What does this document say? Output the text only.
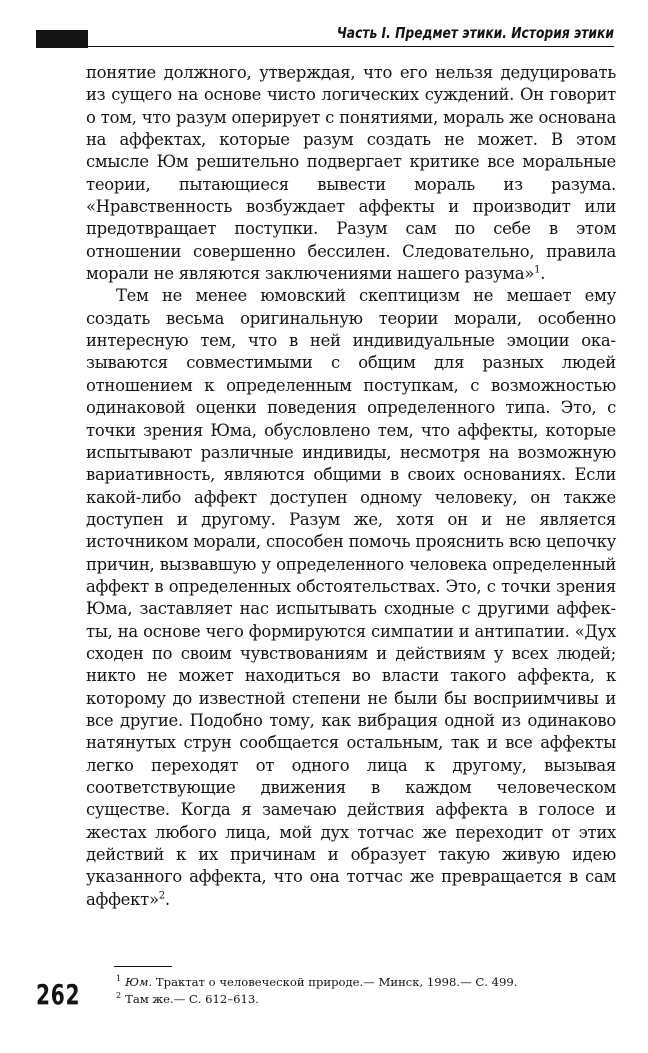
Часть I. Предмет этики. История этики

понятие должного, утверждая, что его нельзя дедуцировать из сущего на основе чисто логических суждений. Он говорит о том, что разум оперирует с понятиями, мораль же основана на аффектах, которые разум создать не может. В этом смысле Юм решительно подвергает критике все моральные теории, пытающиеся вывести мораль из разума. «Нравственность возбуждает аффекты и производит или предотвращает поступки. Разум сам по себе в этом отношении совершенно бессилен. Следовательно, правила морали не являются заключениями нашего разума»$^1$.

Тем не менее юмовский скептицизм не мешает ему создать весьма оригинальную теории морали, особенно интересную тем, что в ней индивидуальные эмоции оказываются совместимыми с общим для разных людей отношением к определенным поступкам, с возможностью одинаковой оценки поведения определенного типа. Это, с точки зрения Юма, обусловлено тем, что аффекты, которые испытывают различные индивиды, несмотря на возможную вариативность, являются общими в своих основаниях. Если какой-либо аффект доступен одному человеку, он также доступен и другому. Разум же, хотя он и не является источником морали, способен помочь прояснить всю цепочку причин, вызвавшую у определенного человека определенный аффект в определенных обстоятельствах. Это, с точки зрения Юма, заставляет нас испытывать сходные с другими аффекты, на основе чего формируются симпатии и антипатии. «Дух сходен по своим чувствованиям и действиям у всех людей; никто не может находиться во власти такого аффекта, к которому до известной степени не были бы восприимчивы и все другие. Подобно тому, как вибрация одной из одинаково натянутых струн сообщается остальным, так и все аффекты легко переходят от одного лица к другому, вызывая соответствующие движения в каждом человеческом существе. Когда я замечаю действия аффекта в голосе и жестах любого лица, мой дух тотчас же переходит от этих действий к их причинам и образует такую живую идею указанного аффекта, что она тотчас же превращается в сам аффект»$^2$.

$^1$ Юм. Трактат о человеческой природе.— Минск, 1998.— С. 499.
$^2$ Там же.— С. 612–613.
262
